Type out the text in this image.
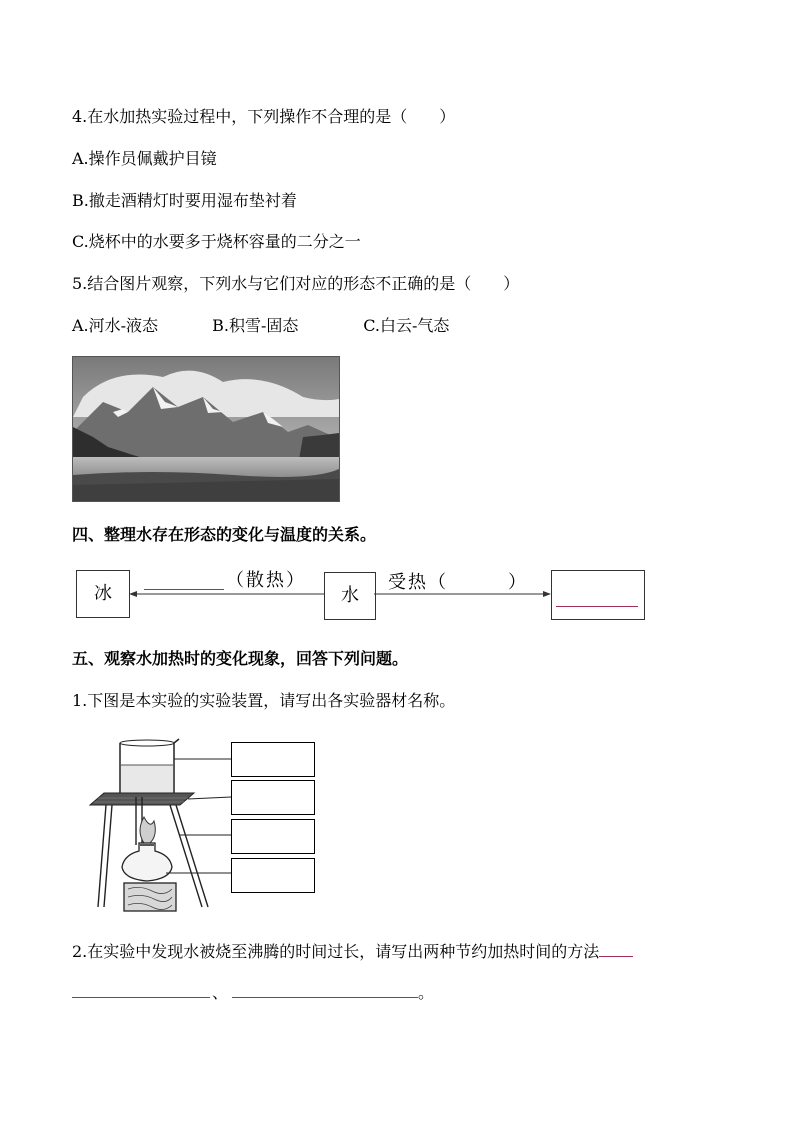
4.在水加热实验过程中，下列操作不合理的是（　　）
A.操作员佩戴护目镜
B.撤走酒精灯时要用湿布垫衬着
C.烧杯中的水要多于烧杯容量的二分之一
5.结合图片观察，下列水与它们对应的形态不正确的是（　　）
A.河水-液态	B.积雪-固态	C.白云-气态
四、整理水存在形态的变化与温度的关系。
冰	水
（散热）	受热（　　　）
五、观察水加热时的变化现象，回答下列问题。
1.下图是本实验的实验装置，请写出各实验器材名称。
2.在实验中发现水被烧至沸腾的时间过长，请写出两种节约加热时间的方法
、	。
